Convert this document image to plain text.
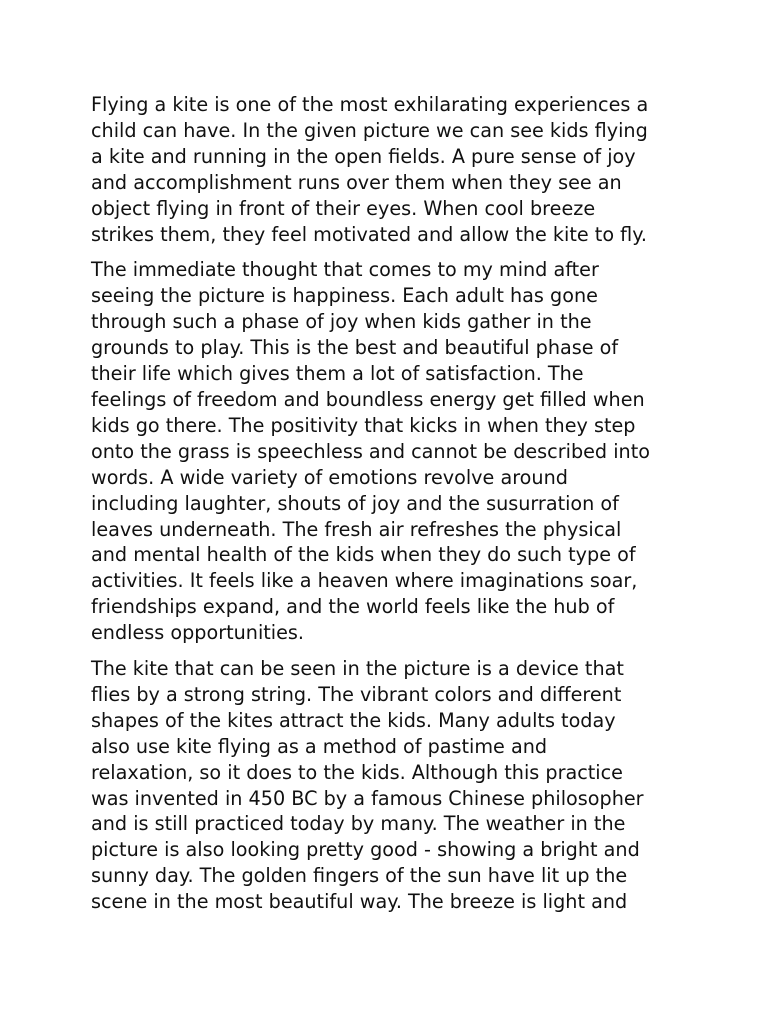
Flying a kite is one of the most exhilarating experiences a
child can have. In the given picture we can see kids flying
a kite and running in the open fields. A pure sense of joy
and accomplishment runs over them when they see an
object flying in front of their eyes. When cool breeze
strikes them, they feel motivated and allow the kite to fly.

The immediate thought that comes to my mind after
seeing the picture is happiness. Each adult has gone
through such a phase of joy when kids gather in the
grounds to play. This is the best and beautiful phase of
their life which gives them a lot of satisfaction. The
feelings of freedom and boundless energy get filled when
kids go there. The positivity that kicks in when they step
onto the grass is speechless and cannot be described into
words. A wide variety of emotions revolve around
including laughter, shouts of joy and the susurration of
leaves underneath. The fresh air refreshes the physical
and mental health of the kids when they do such type of
activities. It feels like a heaven where imaginations soar,
friendships expand, and the world feels like the hub of
endless opportunities.

The kite that can be seen in the picture is a device that
flies by a strong string. The vibrant colors and different
shapes of the kites attract the kids. Many adults today
also use kite flying as a method of pastime and
relaxation, so it does to the kids. Although this practice
was invented in 450 BC by a famous Chinese philosopher
and is still practiced today by many. The weather in the
picture is also looking pretty good - showing a bright and
sunny day. The golden fingers of the sun have lit up the
scene in the most beautiful way. The breeze is light and
